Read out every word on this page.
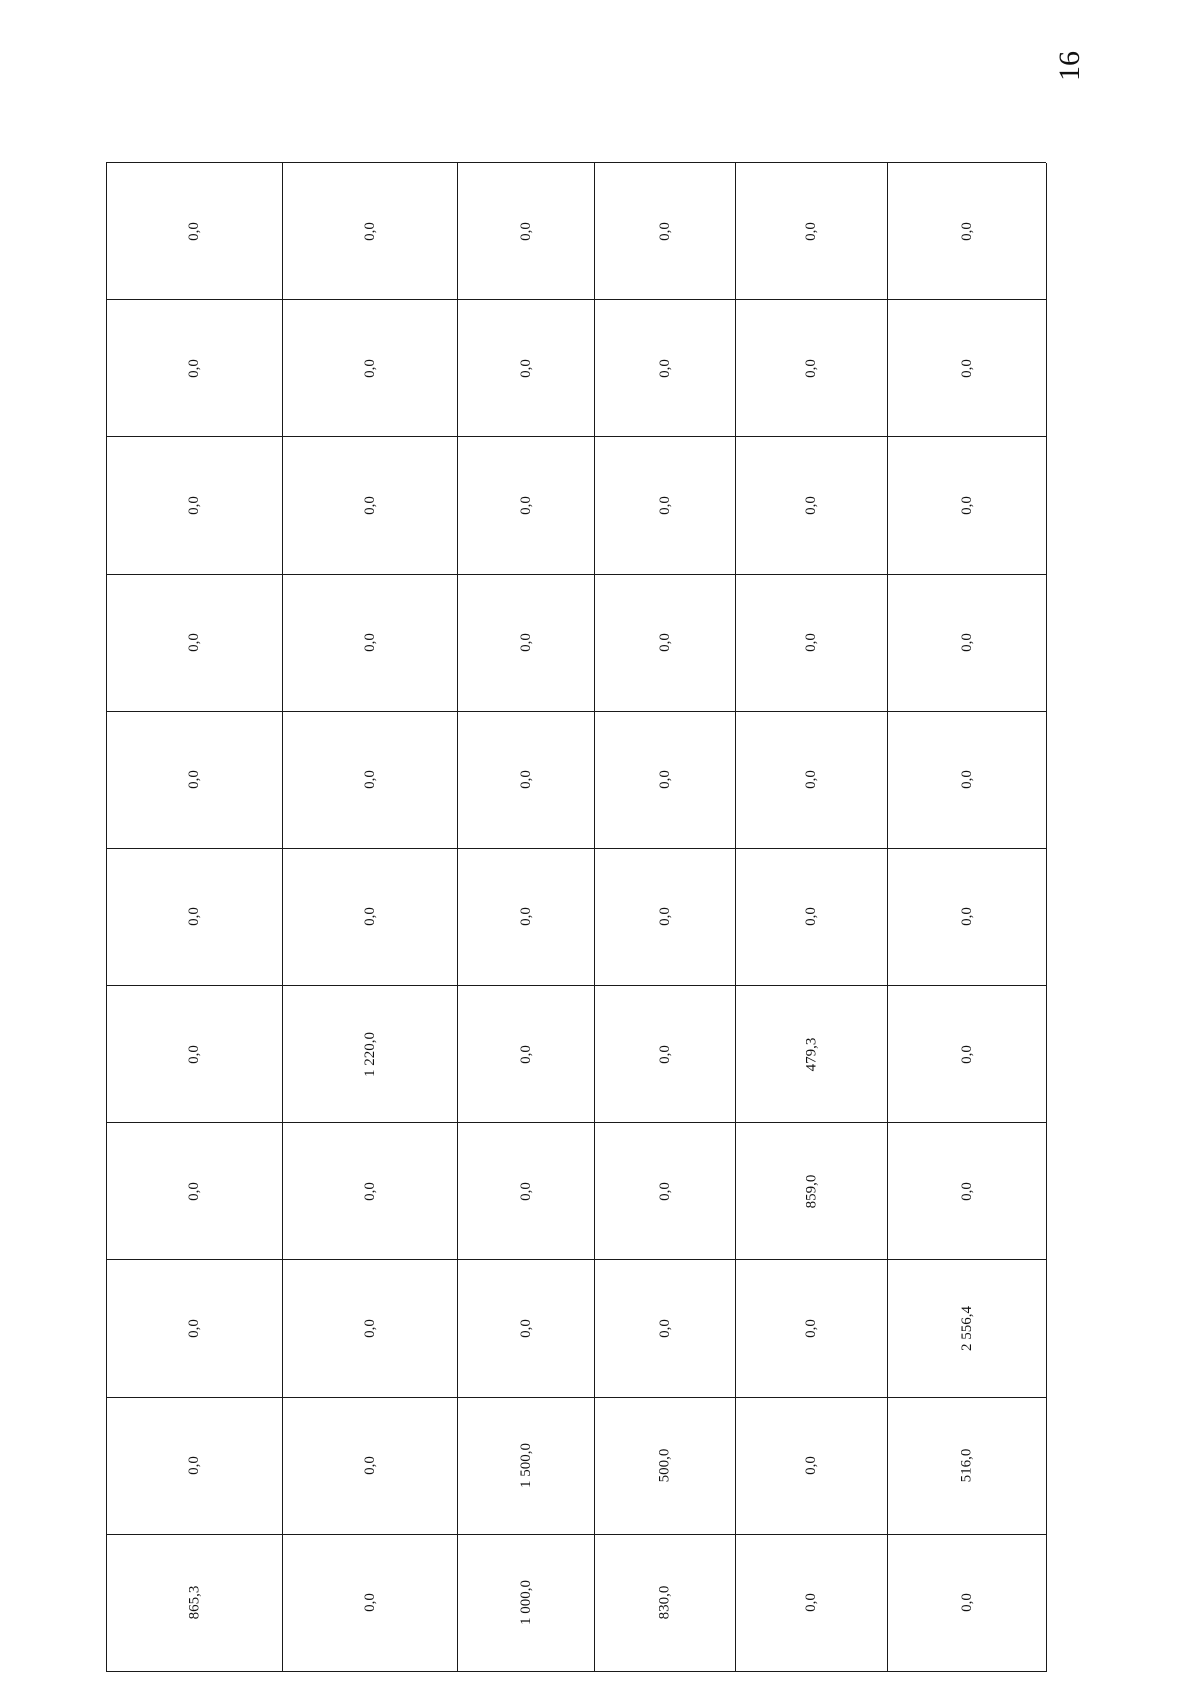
16
0,0	0,0	0,0	0,0	0,0	0,0
0,0	0,0	0,0	0,0	0,0	0,0
0,0	0,0	0,0	0,0	0,0	0,0
0,0	0,0	0,0	0,0	0,0	0,0
0,0	0,0	0,0	0,0	0,0	0,0
0,0	0,0	0,0	0,0	0,0	0,0
0,0	1 220,0	0,0	0,0	479,3	0,0
0,0	0,0	0,0	0,0	859,0	0,0
0,0	0,0	0,0	0,0	0,0	2 556,4
0,0	0,0	1 500,0	500,0	0,0	516,0
865,3	0,0	1 000,0	830,0	0,0	0,0
